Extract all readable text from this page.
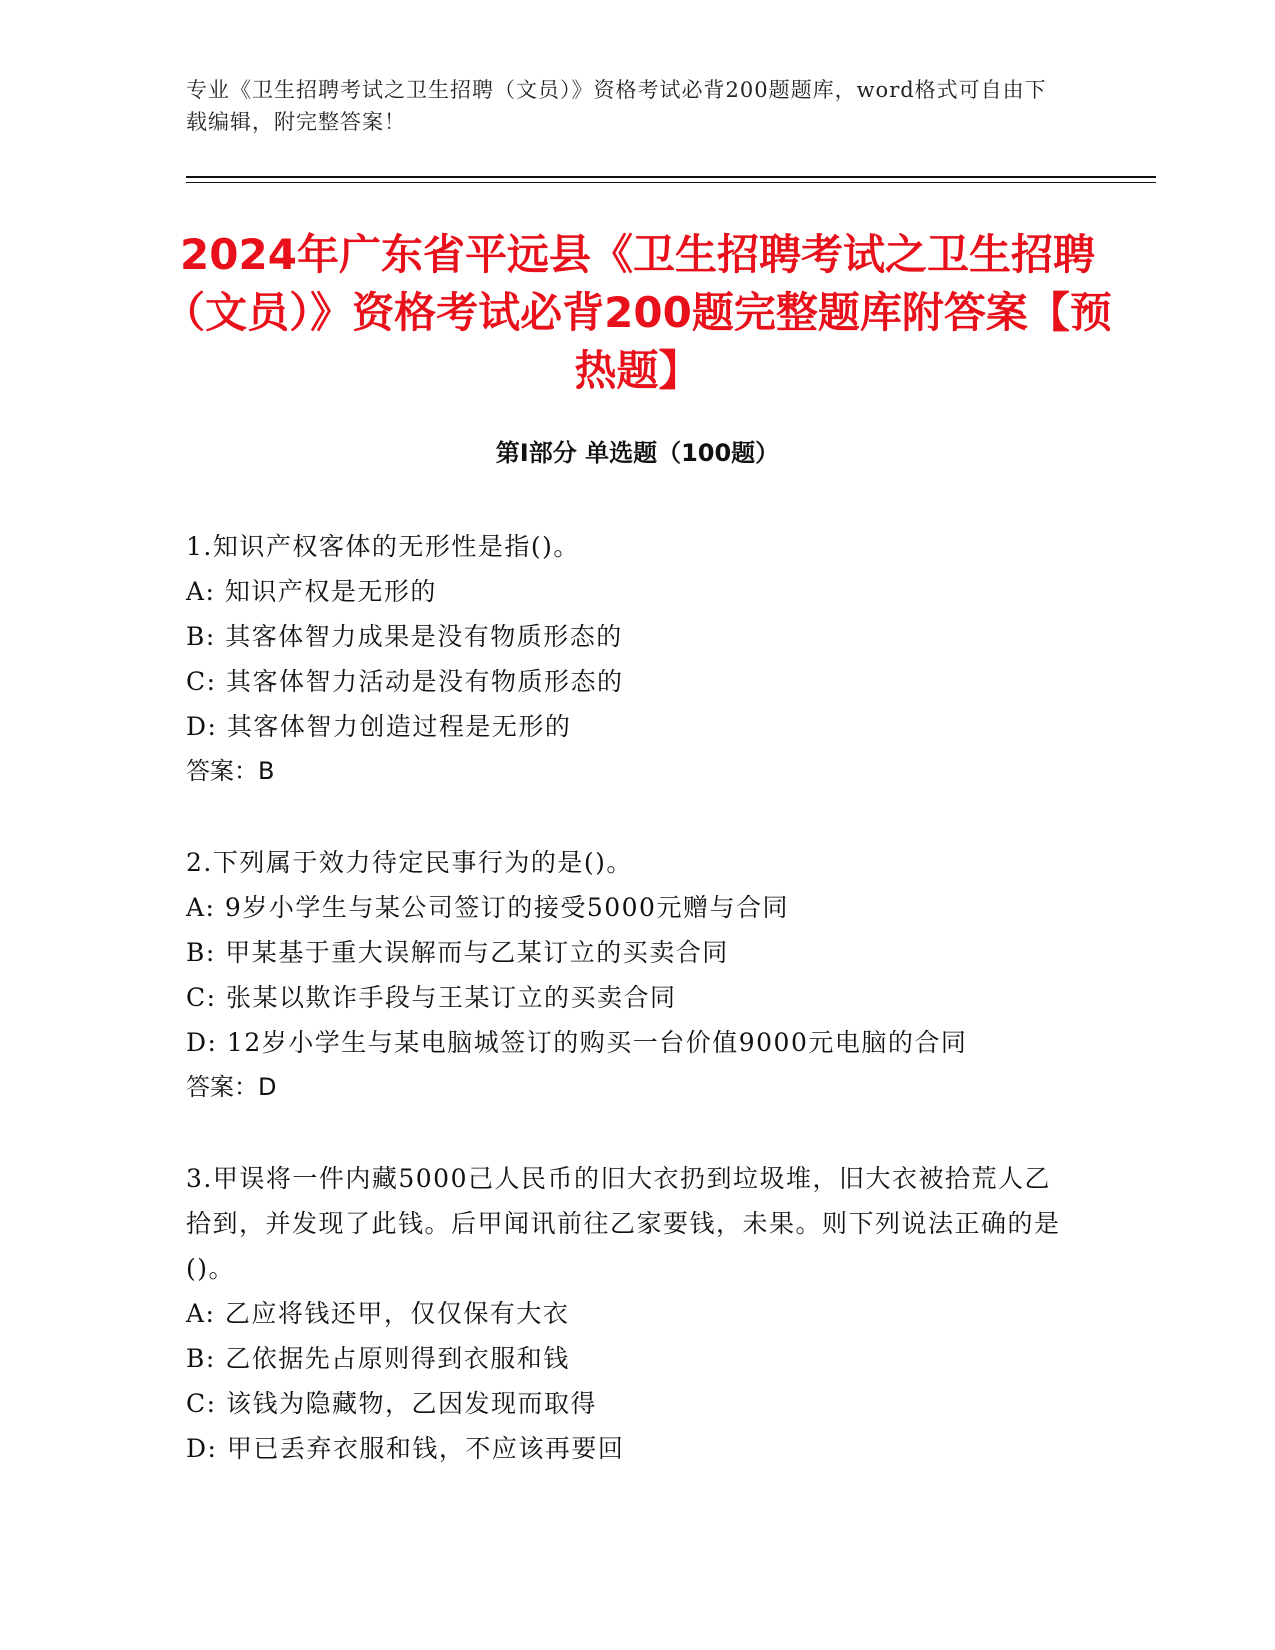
专业《卫生招聘考试之卫生招聘（文员）》资格考试必背200题题库，word格式可自由下载编辑，附完整答案！
2024年广东省平远县《卫生招聘考试之卫生招聘（文员）》资格考试必背200题完整题库附答案【预热题】
第Ⅰ部分 单选题（100题）

1.知识产权客体的无形性是指()。

A: 知识产权是无形的

B: 其客体智力成果是没有物质形态的

C: 其客体智力活动是没有物质形态的

D: 其客体智力创造过程是无形的

答案：B

2.下列属于效力待定民事行为的是()。

A: 9岁小学生与某公司签订的接受5000元赠与合同

B: 甲某基于重大误解而与乙某订立的买卖合同

C: 张某以欺诈手段与王某订立的买卖合同

D: 12岁小学生与某电脑城签订的购买一台价值9000元电脑的合同

答案：D

3.甲误将一件内藏5000己人民币的旧大衣扔到垃圾堆，旧大衣被拾荒人乙拾到，并发现了此钱。后甲闻讯前往乙家要钱，未果。则下列说法正确的是()。

A: 乙应将钱还甲，仅仅保有大衣

B: 乙依据先占原则得到衣服和钱

C: 该钱为隐藏物，乙因发现而取得

D: 甲已丢弃衣服和钱，不应该再要回
